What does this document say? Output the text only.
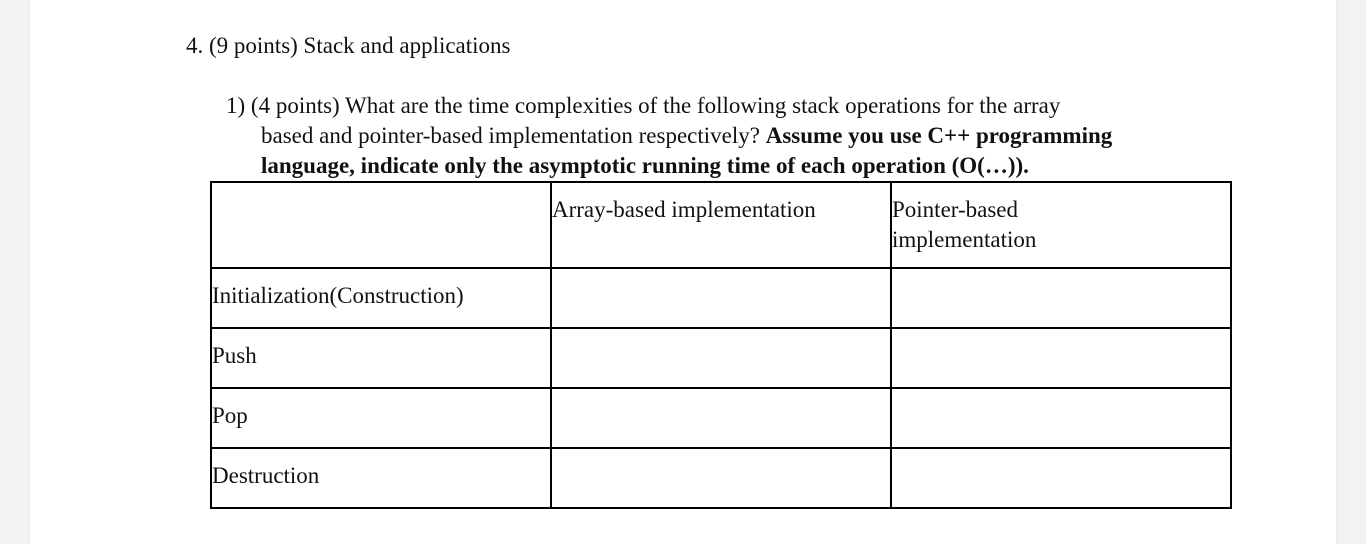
4. (9 points) Stack and applications
1) (4 points) What are the time complexities of the following stack operations for the array
based and pointer-based implementation respectively? Assume you use C++ programming
language, indicate only the asymptotic running time of each operation (O(…)).

	Array-based implementation	Pointer-based
implementation

Initialization(Construction)		

Push		

Pop		

Destruction		
